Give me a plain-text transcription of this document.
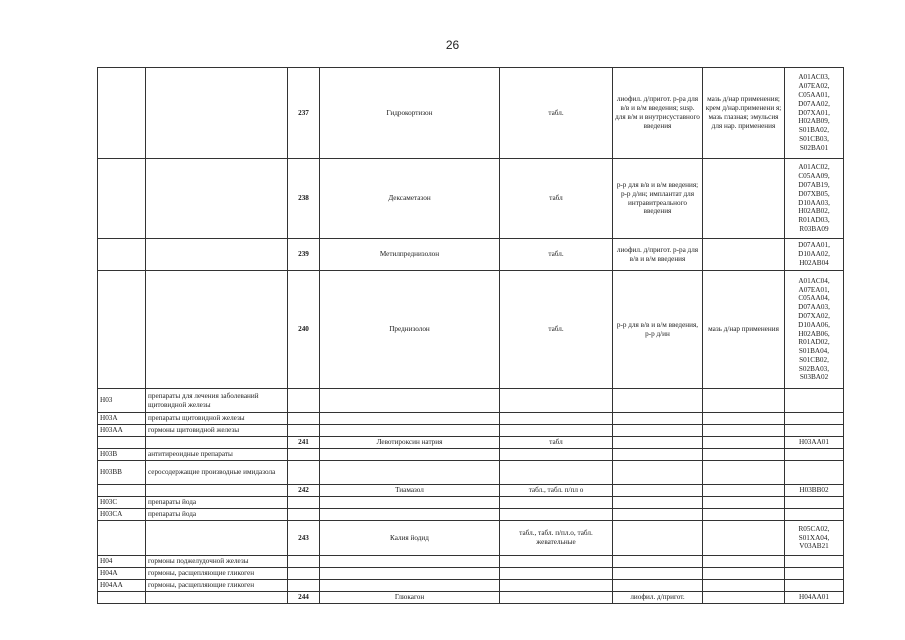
26
		237	Гидрокортизон	табл.	лиофил. д/пригот. р-ра для в/в и в/м введения; susp. для в/м и внутрисуставного введения	мазь д/нар применения; крем д/нар.применени я; мазь глазная; эмульсия для нар. применения	A01AC03, A07EA02, C05AA01, D07AA02, D07XA01, H02AB09, S01BA02, S01CB03, S02BA01
		238	Дексаметазон	табл	р-р для в/в и в/м введения; р-р д/ин; имплантат для интравитреального введения		A01AC02, C05AA09, D07AB19, D07XB05, D10AA03, H02AB02, R01AD03, R03BA09
		239	Метилпреднизолон	табл.	лиофил. д/пригот. р-ра для в/в и в/м введения		D07AA01, D10AA02, H02AB04
		240	Преднизолон	табл.	р-р для в/в и в/м введения, р-р д/ин	мазь д/нар применения	A01AC04, A07EA01, C05AA04, D07AA03, D07XA02, D10AA06, H02AB06, R01AD02, S01BA04, S01CB02, S02BA03, S03BA02
H03	препараты для лечения заболеваний щитовидной железы						
H03A	препараты щитовидной железы						
H03AA	гормоны щитовидной железы						
		241	Левотироксин натрия	табл			H03AA01
H03B	антитиреоидные препараты						
H03BB	серосодержащие производные имидазола						
		242	Тиамазол	табл., табл. п/пл о			H03BB02
H03C	препараты йода						
H03CA	препараты йода						
		243	Калия йодид	табл., табл. п/пл.о, табл. жевательные			R05CA02, S01XA04, V03AB21
H04	гормоны поджелудочной железы						
H04A	гормоны, расщепляющие гликоген						
H04AA	гормоны, расщепляющие гликоген						
		244	Глюкагон		лиофил. д/пригот.		H04AA01
